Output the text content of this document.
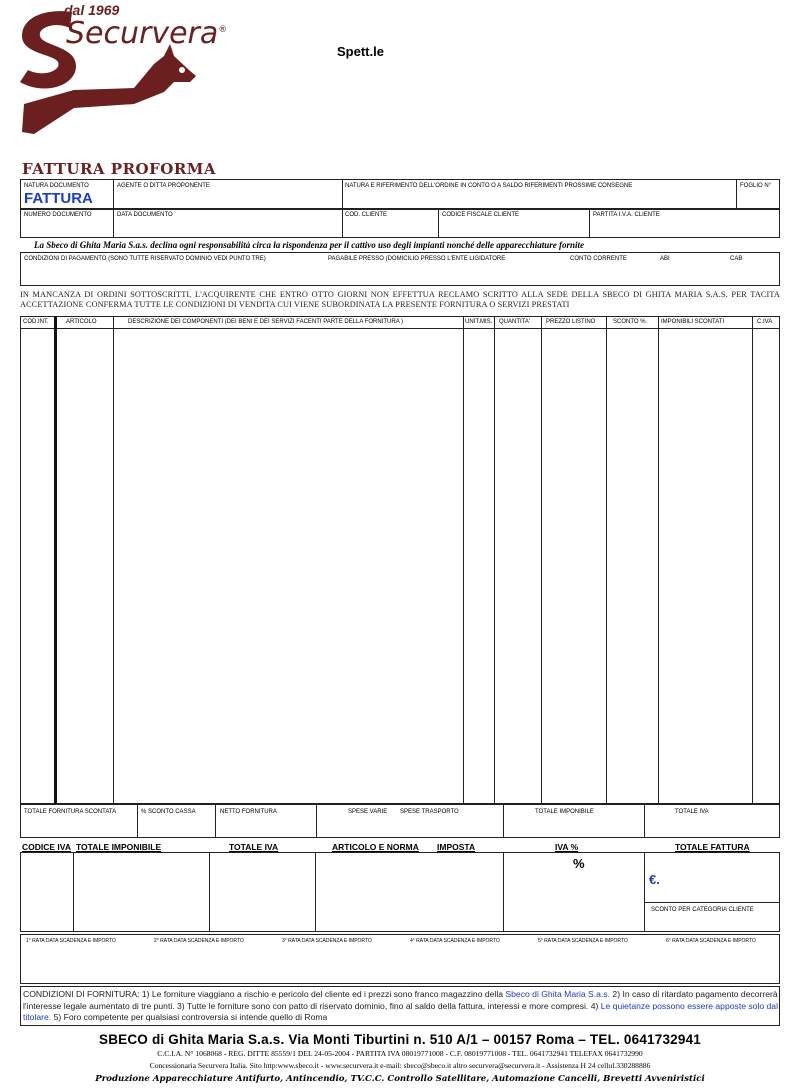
dal 1969
Securvera®
Spett.le
FATTURA PROFORMA
NATURA DOCUMENTO
FATTURA
AGENTE O DITTA PROPONENTE	NATURA E RIFERIMENTO DELL'ORDINE IN CONTO O A SALDO RIFERIMENTI PROSSIME CONSEGNE	FOGLIO N°
NUMERO DOCUMENTO	DATA DOCUMENTO	COD. CLIENTE	CODICE FISCALE CLIENTE	PARTITA I.V.A. CLIENTE
La Sbeco di Ghita Maria S.a.s. declina ogni responsabilità circa la rispondenza per il cattivo uso degli impianti nonché delle apparecchiature fornite
CONDIZIONI DI PAGAMENTO (SONO TUTTE RISERVATO DOMINIO VEDI PUNTO TRE)	PAGABILE PRESSO (DOMICILIO PRESSO L'ENTE LIGIDATORE	CONTO CORRENTE	ABI	CAB
IN MANCANZA DI ORDINI SOTTOSCRITTI, L'ACQUIRENTE CHE ENTRO OTTO GIORNI NON EFFETTUA RECLAMO SCRITTO ALLA SEDE DELLA SBECO DI GHITA MARIA S.A.S. PER TACITA ACCETTAZIONE CONFERMA TUTTE LE CONDIZIONI DI VENDITA CUI VIENE SUBORDINATA LA PRESENTE FORNITURA O SERVIZI PRESTATI
COD.INT.	ARTICOLO	DESCRIZIONE DEI COMPONENTI (DEI BENI E DEI SERVIZI FACENTI PARTE DELLA FORNITURA )	UNIT.MIS. QUANTITA'	PREZZO LISTINO	SCONTO %	IMPONIBILI SCONTATI	C.IVA
TOTALE FORNITURA SCONTATA	% SCONTO CASSA	NETTO FORNITURA	SPESE VARIE SPESE TRASPORTO	TOTALE IMPONIBILE	TOTALE IVA
CODICE IVA TOTALE IMPONIBILE	TOTALE IVA	ARTICOLO E NORMA IMPOSTA	IVA %	TOTALE FATTURA
%
€.
SCONTO PER CATEGORIA CLIENTE
1° RATA DATA SCADENZA E IMPORTO	2° RATA DATA SCADENZA E IMPORTO	3° RATA DATA SCADENZA E IMPORTO	4° RATA DATA SCADENZA E IMPORTO	5° RATA DATA SCADENZA E IMPORTO	6° RATA DATA SCADENZA E IMPORTO
CONDIZIONI DI FORNITURA: 1) Le forniture viaggiano a rischio e pericolo del cliente ed i prezzi sono franco magazzino della Sbeco di Ghita Maria S.a.s. 2) In caso di ritardato pagamento decorrerà l'interesse legale aumentato di tre punti. 3) Tutte le forniture sono con patto di riservato dominio, fino al saldo della fattura, interessi e more compresi. 4) Le quietanze possono essere apposte solo dal titolare. 5) Foro competente per qualsiasi controversia si intende quello di Roma
SBECO di Ghita Maria S.a.s. Via Monti Tiburtini n. 510 A/1 – 00157 Roma – TEL. 0641732941
C.C.I.A. N° 1068068 - REG. DITTE 85559/1 DEL 24-05-2004 - PARTITA IVA 08019771008 - C.F. 08019771008 - TEL. 0641732941 TELEFAX 0641732990
Concessionaria Securvera Italia. Sito http:www.sbeco.it - www.securvera.it e-mail: sbeco@sbeco.it altro securvera@securvera.it - Assistenza H 24 cellul.330288886
Produzione Apparecchiature Antifurto, Antincendio, TV.C.C. Controllo Satellitare, Automazione Cancelli, Brevetti Avveniristici
